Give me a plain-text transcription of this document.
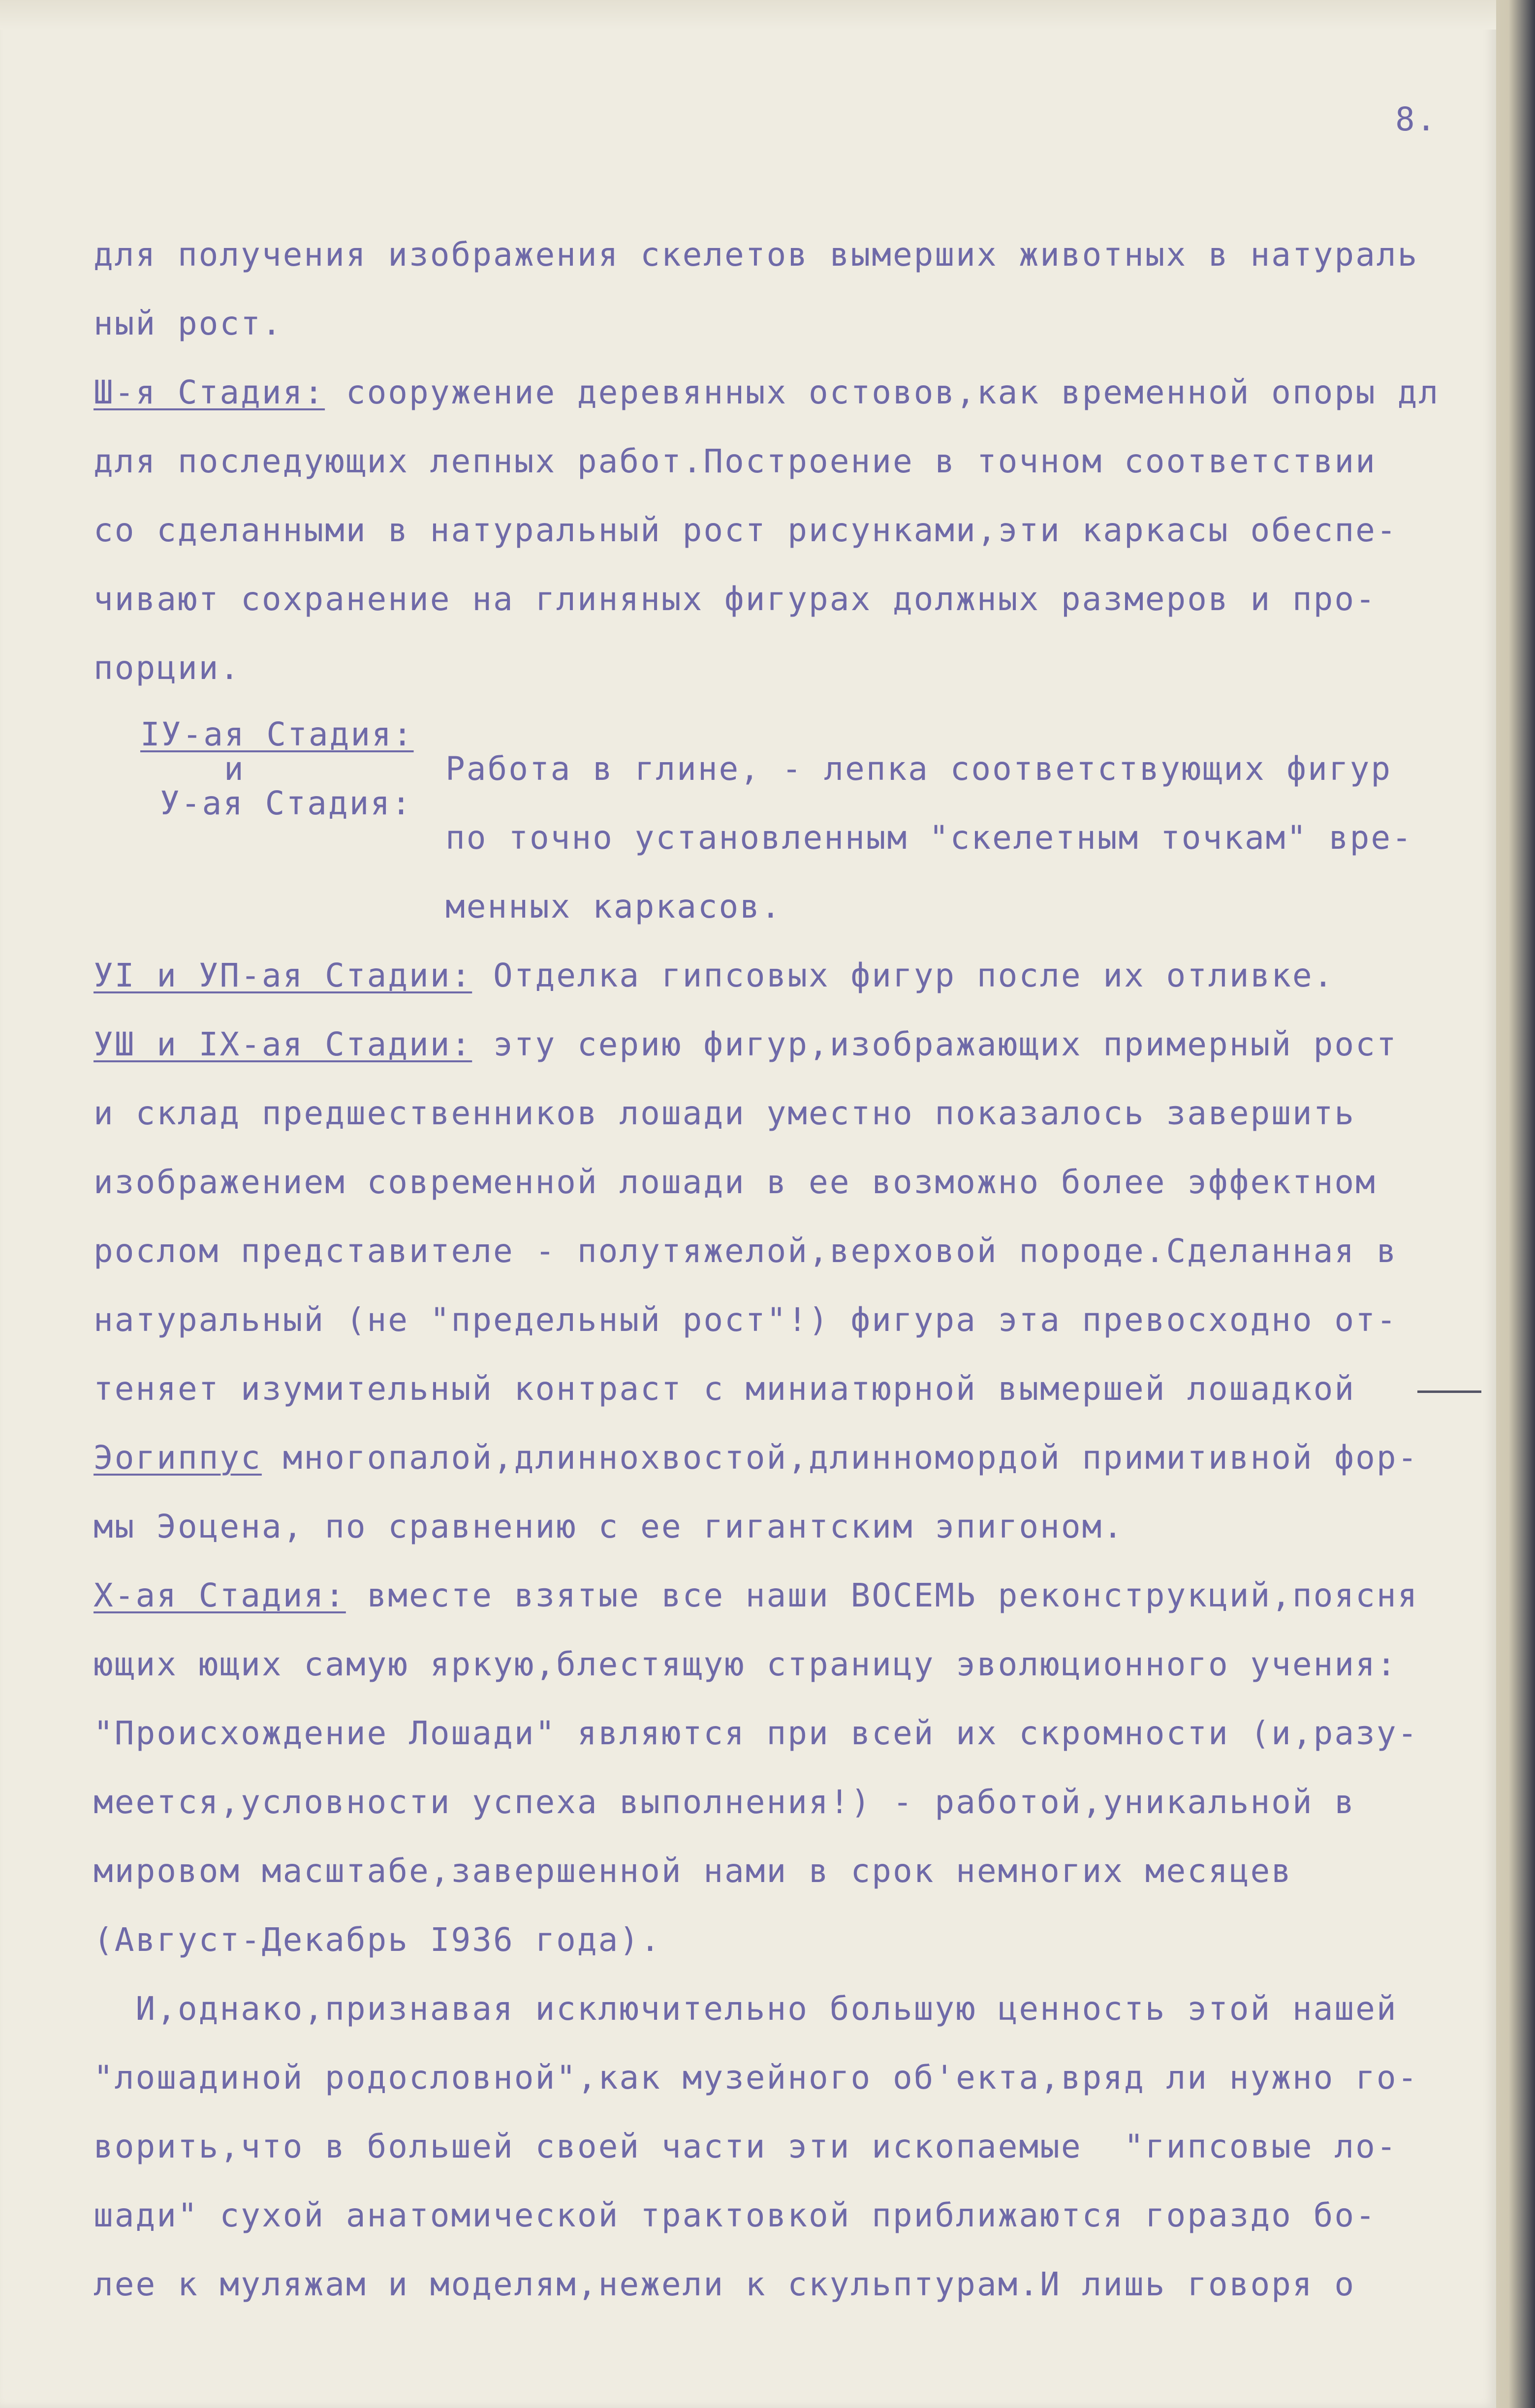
8.
для получения изображения скелетов вымерших животных в натураль
ный рост.
Ш-я Стадия: сооружение деревянных остовов,как временной опоры дл
для последующих лепных работ.Построение в точном соответствии
со сделанными в натуральный рост рисунками,эти каркасы обеспе-
чивают сохранение на глиняных фигурах должных размеров и про-
порции.
IУ-ая Стадия:
и
У-ая Стадия:
Работа в глине, - лепка соответствующих фигур
по точно установленным "скелетным точкам" вре-
менных каркасов.
УI и УП-ая Стадии: Отделка гипсовых фигур после их отливке.
УШ и IX-ая Стадии: эту серию фигур,изображающих примерный рост
и склад предшественников лошади уместно показалось завершить
изображением современной лошади в ее возможно более эффектном
рослом представителе - полутяжелой,верховой породе.Сделанная в
натуральный (не "предельный рост"!) фигура эта превосходно от-
теняет изумительный контраст с миниатюрной вымершей лошадкой
Эогиппус многопалой,длиннохвостой,длинномордой примитивной фор-
мы Эоцена, по сравнению с ее гигантским эпигоном.
Х-ая Стадия: вместе взятые все наши ВОСЕМЬ реконструкций,поясня
ющих ющих самую яркую,блестящую страницу эволюционного учения:
"Происхождение Лошади" являются при всей их скромности (и,разу-
меется,условности успеха выполнения!) - работой,уникальной в
мировом масштабе,завершенной нами в срок немногих месяцев
(Август-Декабрь I936 года).
И,однако,признавая исключительно большую ценность этой нашей
"лошадиной родословной",как музейного об'екта,вряд ли нужно го-
ворить,что в большей своей части эти ископаемые  "гипсовые ло-
шади" сухой анатомической трактовкой приближаются гораздо бо-
лее к муляжам и моделям,нежели к скульптурам.И лишь говоря о
